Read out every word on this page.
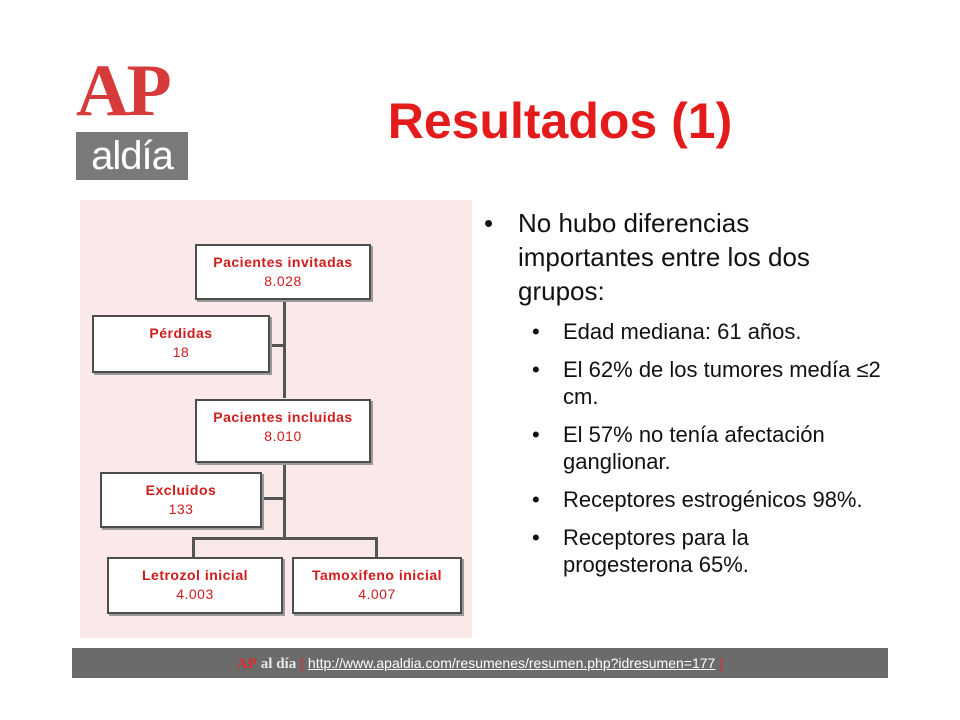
AP
aldía
Resultados (1)
Pacientes invitadas
8.028
Pérdidas
18
Pacientes incluidas
8.010
Excluidos
133
Letrozol inicial
4.003
Tamoxifeno inicial
4.007
• No hubo diferencias importantes entre los dos grupos:
• Edad mediana: 61 años.
• El 62% de los tumores medía ≤2 cm.
• El 57% no tenía afectación ganglionar.
• Receptores estrogénicos 98%.
• Receptores para la progesterona 65%.
AP al día [ http://www.apaldia.com/resumenes/resumen.php?idresumen=177 ]
